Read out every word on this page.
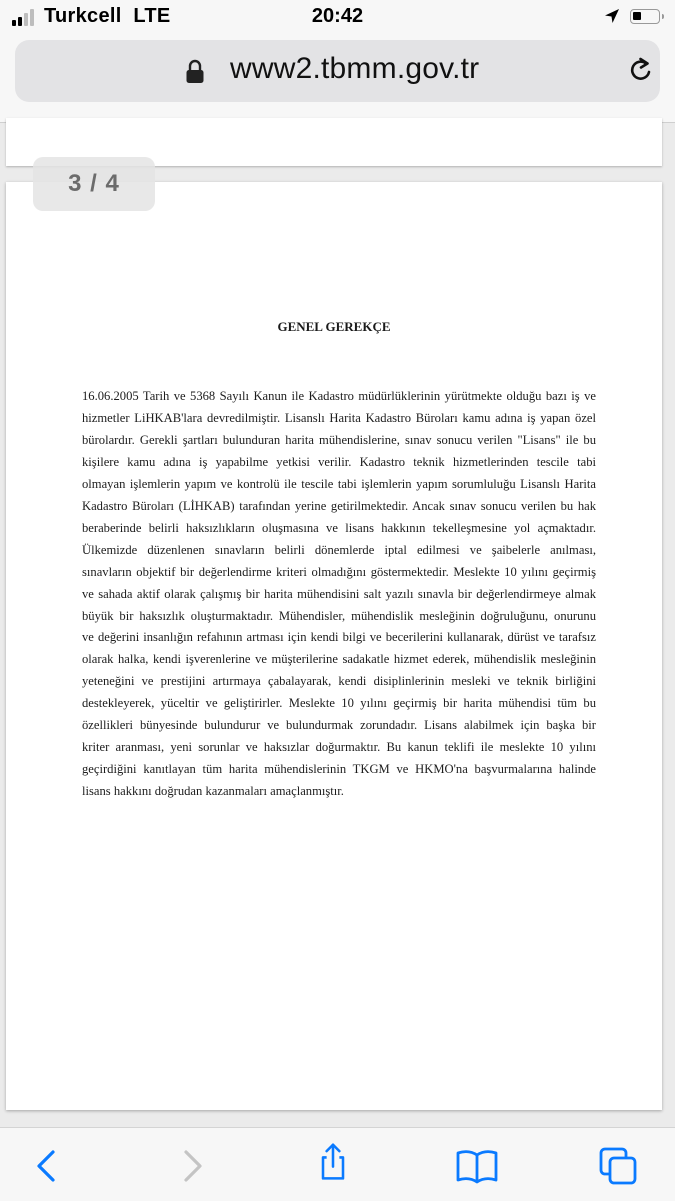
Turkcell LTE	20:42
www2.tbmm.gov.tr
GENEL GEREKÇE
16.06.2005 Tarih ve 5368 Sayılı Kanun ile Kadastro müdürlüklerinin yürütmekte olduğu bazı iş ve
hizmetler LiHKAB'lara devredilmiştir. Lisanslı Harita Kadastro Büroları kamu adına iş yapan özel
bürolardır. Gerekli şartları bulunduran harita mühendislerine, sınav sonucu verilen "Lisans" ile bu
kişilere kamu adına iş yapabilme yetkisi verilir. Kadastro teknik hizmetlerinden tescile tabi
olmayan işlemlerin yapım ve kontrolü ile tescile tabi işlemlerin yapım sorumluluğu Lisanslı Harita
Kadastro Büroları (LİHKAB) tarafından yerine getirilmektedir. Ancak sınav sonucu verilen bu hak
beraberinde belirli haksızlıkların oluşmasına ve lisans hakkının tekelleşmesine yol açmaktadır.
Ülkemizde düzenlenen sınavların belirli dönemlerde iptal edilmesi ve şaibelerle anılması,
sınavların objektif bir değerlendirme kriteri olmadığını göstermektedir. Meslekte 10 yılını geçirmiş
ve sahada aktif olarak çalışmış bir harita mühendisini salt yazılı sınavla bir değerlendirmeye almak
büyük bir haksızlık oluşturmaktadır. Mühendisler, mühendislik mesleğinin doğruluğunu, onurunu
ve değerini insanlığın refahının artması için kendi bilgi ve becerilerini kullanarak, dürüst ve tarafsız
olarak halka, kendi işverenlerine ve müşterilerine sadakatle hizmet ederek, mühendislik mesleğinin
yeteneğini ve prestijini artırmaya çabalayarak, kendi disiplinlerinin mesleki ve teknik birliğini
destekleyerek, yüceltir ve geliştirirler. Meslekte 10 yılını geçirmiş bir harita mühendisi tüm bu
özellikleri bünyesinde bulundurur ve bulundurmak zorundadır. Lisans alabilmek için başka bir
kriter aranması, yeni sorunlar ve haksızlar doğurmaktır. Bu kanun teklifi ile meslekte 10 yılını
geçirdiğini kanıtlayan tüm harita mühendislerinin TKGM ve HKMO'na başvurmalarına halinde
lisans hakkını doğrudan kazanmaları amaçlanmıştır.
3 / 4
